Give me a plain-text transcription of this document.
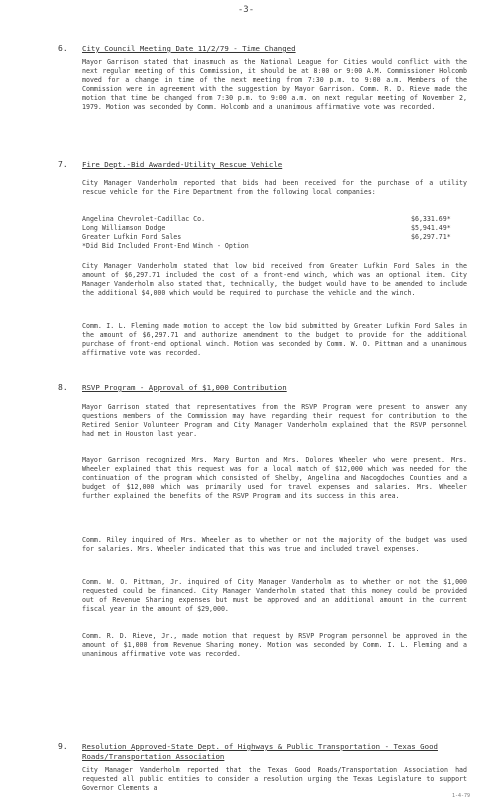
-3-
6. City Council Meeting Date 11/2/79 - Time Changed

Mayor Garrison stated that inasmuch as the National League for Cities would conflict with the next regular meeting of this Commission, it should be at 8:00 or 9:00 A.M. Commissioner Holcomb moved for a change in time of the next meeting from 7:30 p.m. to 9:00 a.m. Members of the Commission were in agreement with the suggestion by Mayor Garrison. Comm. R. D. Rieve made the motion that time be changed from 7:30 p.m. to 9:00 a.m. on next regular meeting of November 2, 1979. Motion was seconded by Comm. Holcomb and a unanimous affirmative vote was recorded.

7. Fire Dept.-Bid Awarded-Utility Rescue Vehicle

City Manager Vanderholm reported that bids had been received for the purchase of a utility rescue vehicle for the Fire Department from the following local companies:

Angelina Chevrolet-Cadillac Co.	$6,331.69*
Long Williamson Dodge	$5,941.49*
Greater Lufkin Ford Sales	$6,297.71*
*Did Bid Included Front-End Winch - Option

City Manager Vanderholm stated that low bid received from Greater Lufkin Ford Sales in the amount of $6,297.71 included the cost of a front-end winch, which was an optional item. City Manager Vanderholm also stated that, technically, the budget would have to be amended to include the additional $4,000 which would be required to purchase the vehicle and the winch.

Comm. I. L. Fleming made motion to accept the low bid submitted by Greater Lufkin Ford Sales in the amount of $6,297.71 and authorize amendment to the budget to provide for the additional purchase of front-end optional winch. Motion was seconded by Comm. W. O. Pittman and a unanimous affirmative vote was recorded.

8. RSVP Program - Approval of $1,000 Contribution

Mayor Garrison stated that representatives from the RSVP Program were present to answer any questions members of the Commission may have regarding their request for contribution to the Retired Senior Volunteer Program and City Manager Vanderholm explained that the RSVP personnel had met in Houston last year.

Mayor Garrison recognized Mrs. Mary Burton and Mrs. Dolores Wheeler who were present. Mrs. Wheeler explained that this request was for a local match of $12,000 which was needed for the continuation of the program which consisted of Shelby, Angelina and Nacogdoches Counties and a budget of $12,000 which was primarily used for travel expenses and salaries. Mrs. Wheeler further explained the benefits of the RSVP Program and its success in this area.

Comm. Riley inquired of Mrs. Wheeler as to whether or not the majority of the budget was used for salaries. Mrs. Wheeler indicated that this was true and included travel expenses.

Comm. W. O. Pittman, Jr. inquired of City Manager Vanderholm as to whether or not the $1,000 requested could be financed. City Manager Vanderholm stated that this money could be provided out of Revenue Sharing expenses but must be approved and an additional amount in the current fiscal year in the amount of $29,000.

Comm. R. D. Rieve, Jr., made motion that request by RSVP Program personnel be approved in the amount of $1,000 from Revenue Sharing money. Motion was seconded by Comm. I. L. Fleming and a unanimous affirmative vote was recorded.

9. Resolution Approved-State Dept. of Highways & Public Transportation - Texas Good Roads/Transportation Association

City Manager Vanderholm reported that the Texas Good Roads/Transportation Association had requested all public entities to consider a resolution urging the Texas Legislature to support Governor Clements a

1-4-79
